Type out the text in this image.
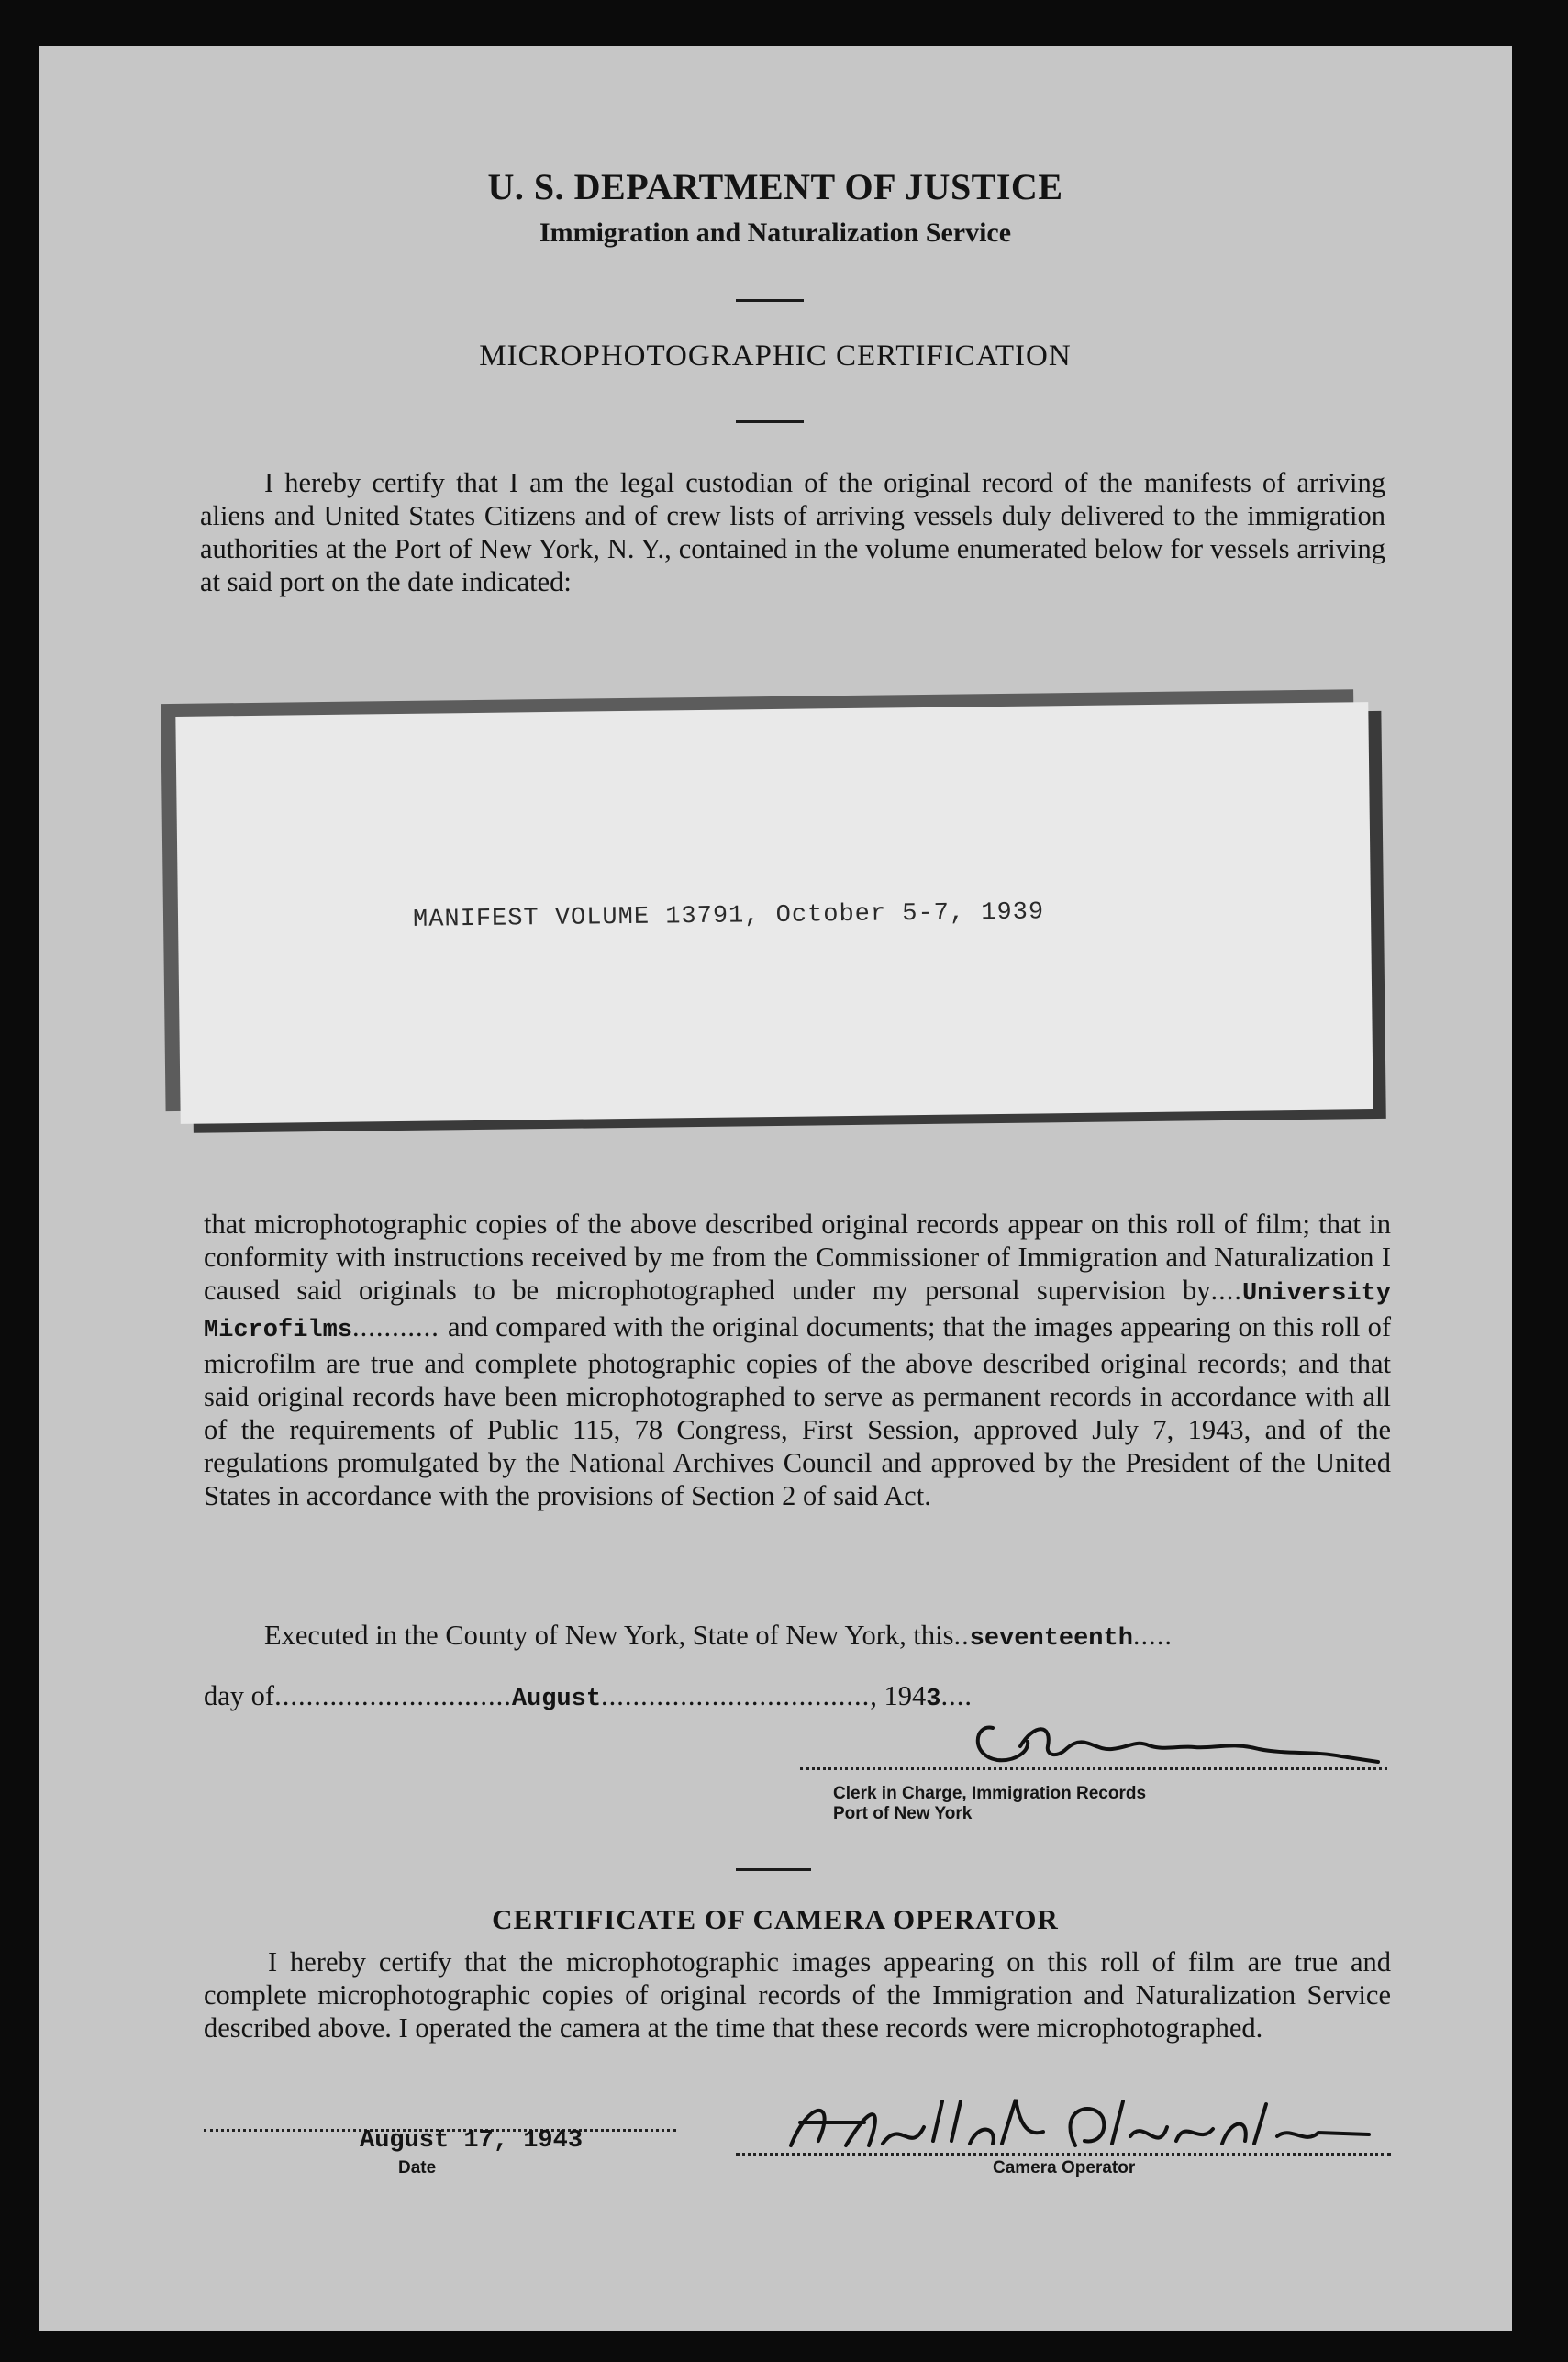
U. S. DEPARTMENT OF JUSTICE
Immigration and Naturalization Service
MICROPHOTOGRAPHIC CERTIFICATION

I hereby certify that I am the legal custodian of the original record of the manifests of arriving aliens and United States Citizens and of crew lists of arriving vessels duly delivered to the immigration authorities at the Port of New York, N. Y., contained in the volume enumerated below for vessels arriving at said port on the date indicated:

MANIFEST VOLUME 13791, October 5-7, 1939

that microphotographic copies of the above described original records appear on this roll of film; that in conformity with instructions received by me from the Commissioner of Immigration and Naturalization I caused said originals to be microphotographed under my personal supervision by....University Microfilms........... and compared with the original documents; that the images appearing on this roll of microfilm are true and complete photographic copies of the above described original records; and that said original records have been microphotographed to serve as permanent records in accordance with all of the requirements of Public 115, 78 Congress, First Session, approved July 7, 1943, and of the regulations promulgated by the National Archives Council and approved by the President of the United States in accordance with the provisions of Section 2 of said Act.

Executed in the County of New York, State of New York, this..seventeenth.....
day of..............................August.................................., 1943....
Clerk in Charge, Immigration Records
Port of New York
CERTIFICATE OF CAMERA OPERATOR

I hereby certify that the microphotographic images appearing on this roll of film are true and complete microphotographic copies of original records of the Immigration and Naturalization Service described above. I operated the camera at the time that these records were microphotographed.

August 17, 1943
Date	Camera Operator
